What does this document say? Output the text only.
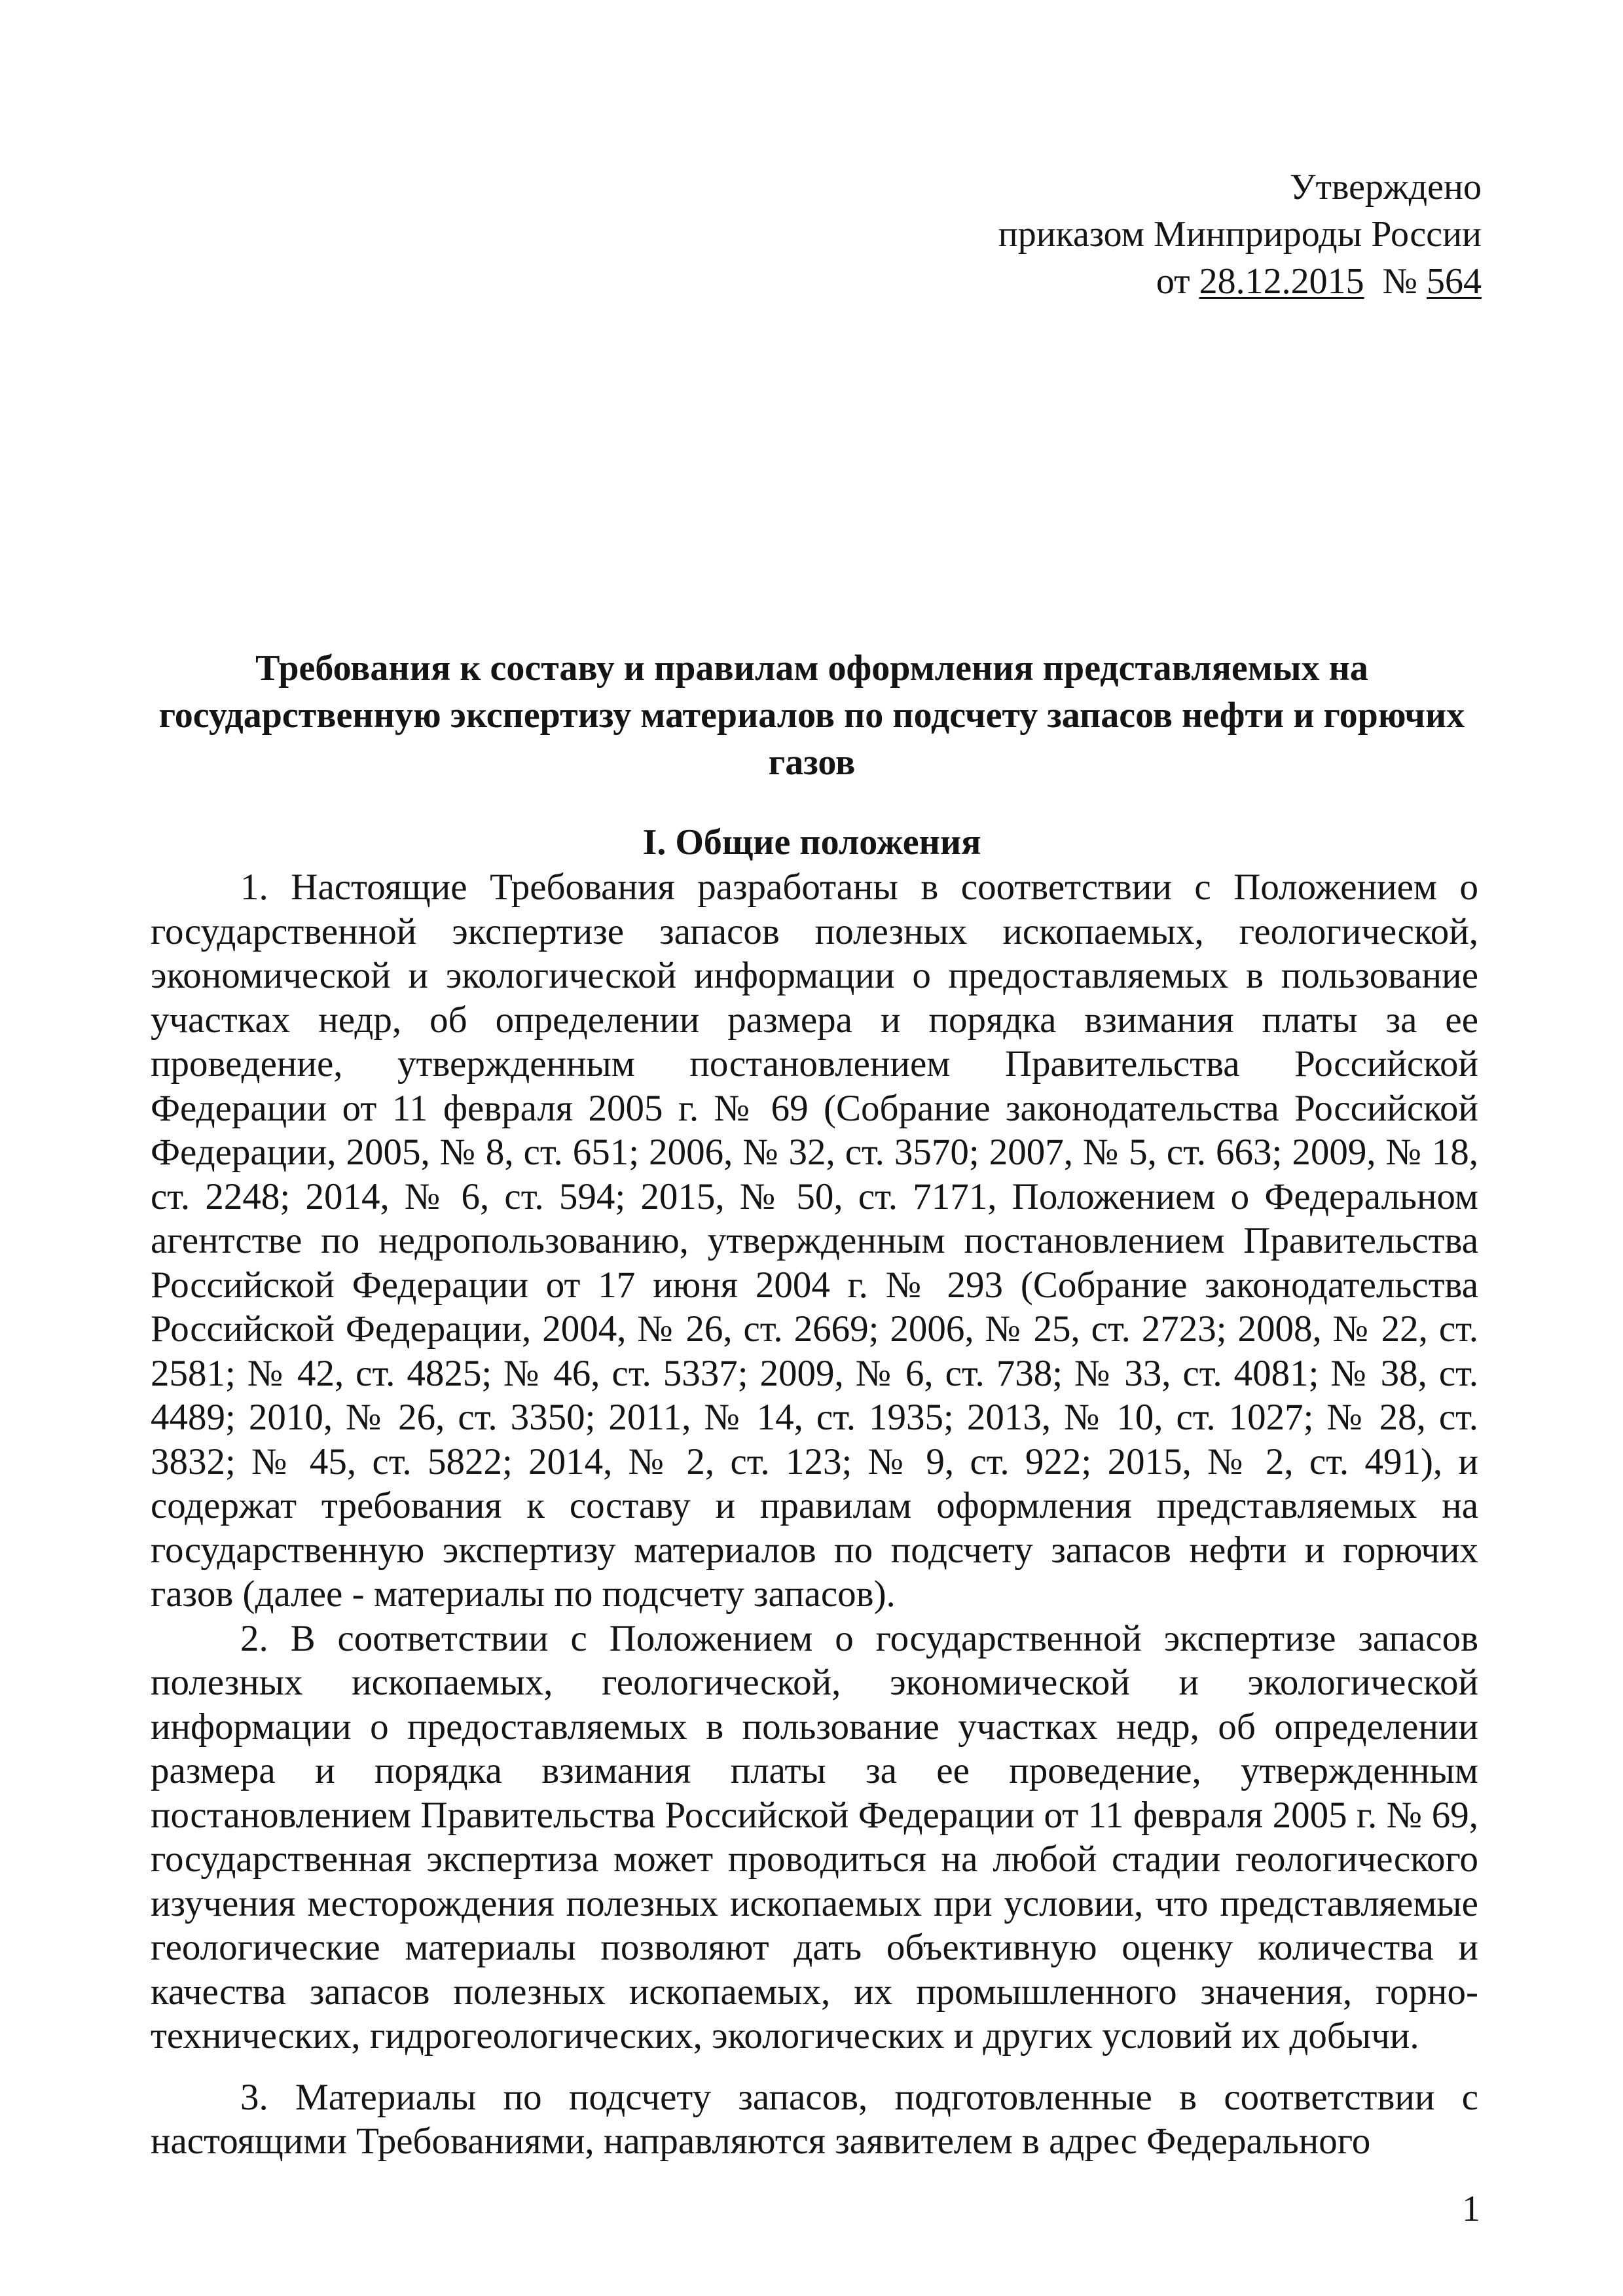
Утверждено
приказом Минприроды России
от 28.12.2015 № 564
Требования к составу и правилам оформления представляемых на государственную экспертизу материалов по подсчету запасов нефти и горючих газов
I. Общие положения

1. Настоящие Требования разработаны в соответствии с Положением о государственной экспертизе запасов полезных ископаемых, геологической, экономической и экологической информации о предоставляемых в пользование участках недр, об определении размера и порядка взимания платы за ее проведение, утвержденным постановлением Правительства Российской Федерации от 11 февраля 2005 г. № 69 (Собрание законодательства Российской Федерации, 2005, № 8, ст. 651; 2006, № 32, ст. 3570; 2007, № 5, ст. 663; 2009, № 18, ст. 2248; 2014, № 6, ст. 594; 2015, № 50, ст. 7171, Положением о Федеральном агентстве по недропользованию, утвержденным постановлением Правительства Российской Федерации от 17 июня 2004 г. № 293 (Собрание законодательства Российской Федерации, 2004, № 26, ст. 2669; 2006, № 25, ст. 2723; 2008, № 22, ст. 2581; № 42, ст. 4825; № 46, ст. 5337; 2009, № 6, ст. 738; № 33, ст. 4081; № 38, ст. 4489; 2010, № 26, ст. 3350; 2011, № 14, ст. 1935; 2013, № 10, ст. 1027; № 28, ст. 3832; № 45, ст. 5822; 2014, № 2, ст. 123; № 9, ст. 922; 2015, № 2, ст. 491), и содержат требования к составу и правилам оформления представляемых на государственную экспертизу материалов по подсчету запасов нефти и горючих газов (далее - материалы по подсчету запасов).

2. В соответствии с Положением о государственной экспертизе запасов полезных ископаемых, геологической, экономической и экологической информации о предоставляемых в пользование участках недр, об определении размера и порядка взимания платы за ее проведение, утвержденным постановлением Правительства Российской Федерации от 11 февраля 2005 г. № 69, государственная экспертиза может проводиться на любой стадии геологического изучения месторождения полезных ископаемых при условии, что представляемые геологические материалы позволяют дать объективную оценку количества и качества запасов полезных ископаемых, их промышленного значения, горно-технических, гидрогеологических, экологических и других условий их добычи.

3. Материалы по подсчету запасов, подготовленные в соответствии с настоящими Требованиями, направляются заявителем в адрес Федерального

1
